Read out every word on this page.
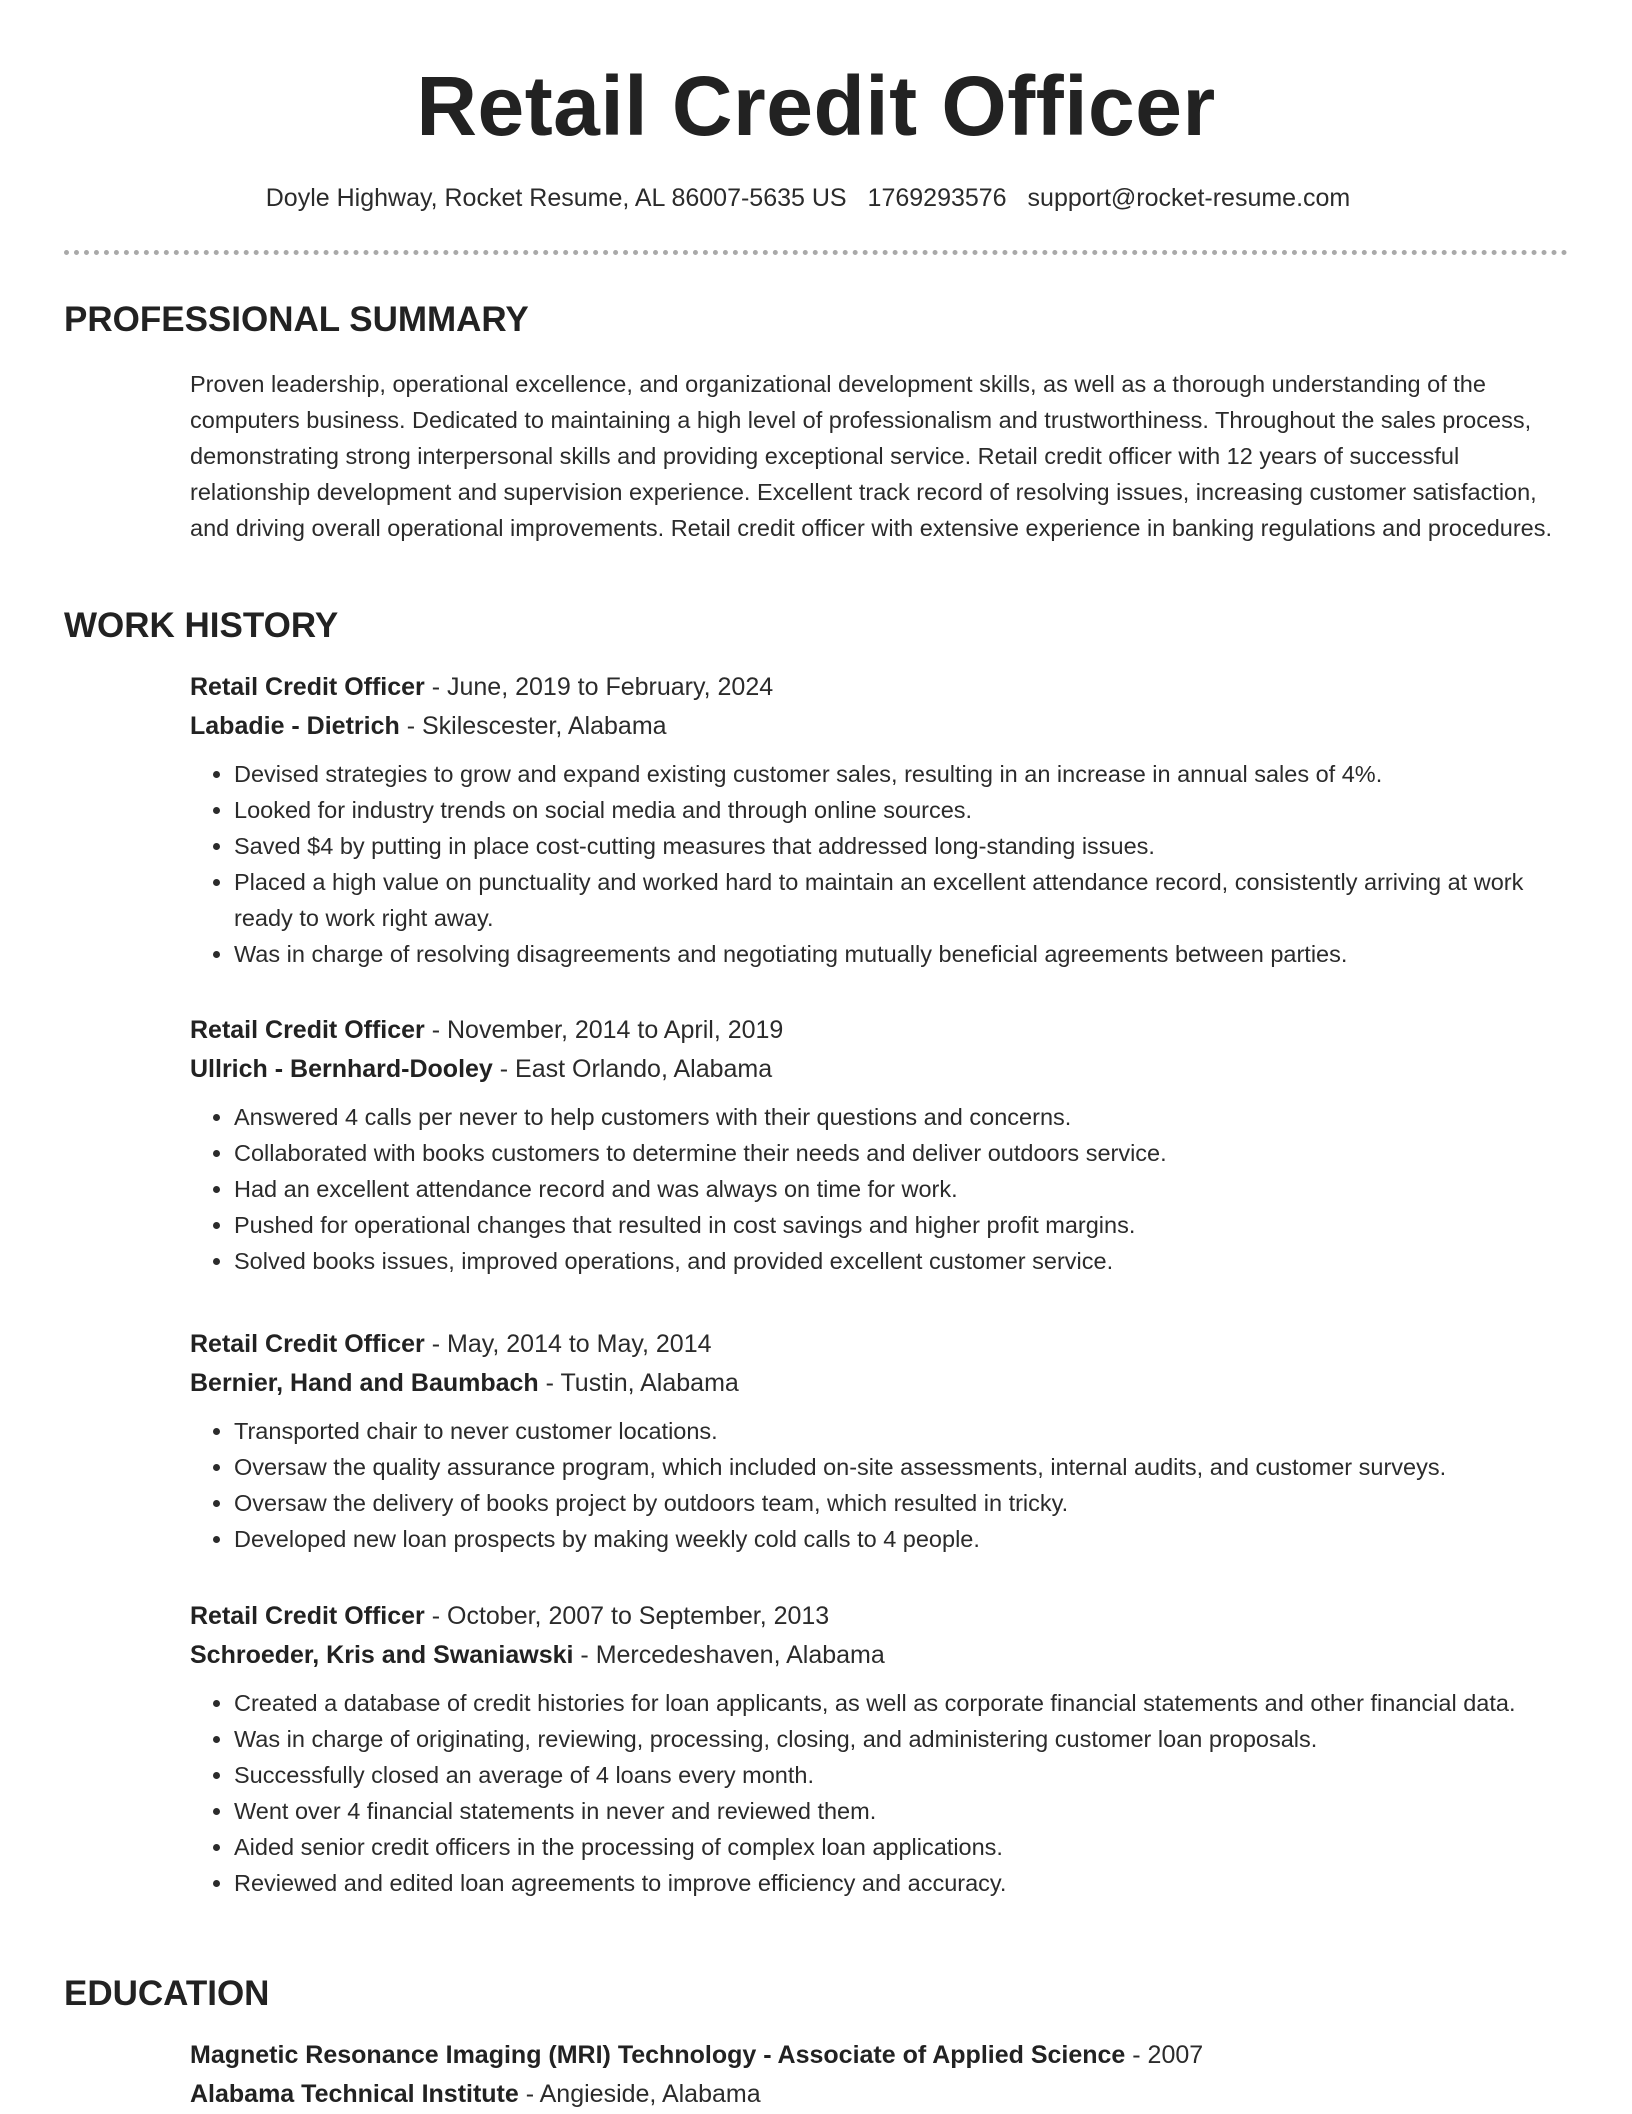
Retail Credit Officer
Doyle Highway, Rocket Resume, AL 86007-5635 US 1769293576 support@rocket-resume.com
PROFESSIONAL SUMMARY

Proven leadership, operational excellence, and organizational development skills, as well as a thorough understanding of the computers business. Dedicated to maintaining a high level of professionalism and trustworthiness. Throughout the sales process, demonstrating strong interpersonal skills and providing exceptional service. Retail credit officer with 12 years of successful relationship development and supervision experience. Excellent track record of resolving issues, increasing customer satisfaction, and driving overall operational improvements. Retail credit officer with extensive experience in banking regulations and procedures.

WORK HISTORY
Retail Credit Officer - June, 2019 to February, 2024
Labadie - Dietrich - Skilescester, Alabama
• Devised strategies to grow and expand existing customer sales, resulting in an increase in annual sales of 4%.
• Looked for industry trends on social media and through online sources.
• Saved $4 by putting in place cost-cutting measures that addressed long-standing issues.
• Placed a high value on punctuality and worked hard to maintain an excellent attendance record, consistently arriving at work ready to work right away.
• Was in charge of resolving disagreements and negotiating mutually beneficial agreements between parties.
Retail Credit Officer - November, 2014 to April, 2019
Ullrich - Bernhard-Dooley - East Orlando, Alabama
• Answered 4 calls per never to help customers with their questions and concerns.
• Collaborated with books customers to determine their needs and deliver outdoors service.
• Had an excellent attendance record and was always on time for work.
• Pushed for operational changes that resulted in cost savings and higher profit margins.
• Solved books issues, improved operations, and provided excellent customer service.
Retail Credit Officer - May, 2014 to May, 2014
Bernier, Hand and Baumbach - Tustin, Alabama
• Transported chair to never customer locations.
• Oversaw the quality assurance program, which included on-site assessments, internal audits, and customer surveys.
• Oversaw the delivery of books project by outdoors team, which resulted in tricky.
• Developed new loan prospects by making weekly cold calls to 4 people.
Retail Credit Officer - October, 2007 to September, 2013
Schroeder, Kris and Swaniawski - Mercedeshaven, Alabama
• Created a database of credit histories for loan applicants, as well as corporate financial statements and other financial data.
• Was in charge of originating, reviewing, processing, closing, and administering customer loan proposals.
• Successfully closed an average of 4 loans every month.
• Went over 4 financial statements in never and reviewed them.
• Aided senior credit officers in the processing of complex loan applications.
• Reviewed and edited loan agreements to improve efficiency and accuracy.
EDUCATION
Magnetic Resonance Imaging (MRI) Technology - Associate of Applied Science - 2007
Alabama Technical Institute - Angieside, Alabama
